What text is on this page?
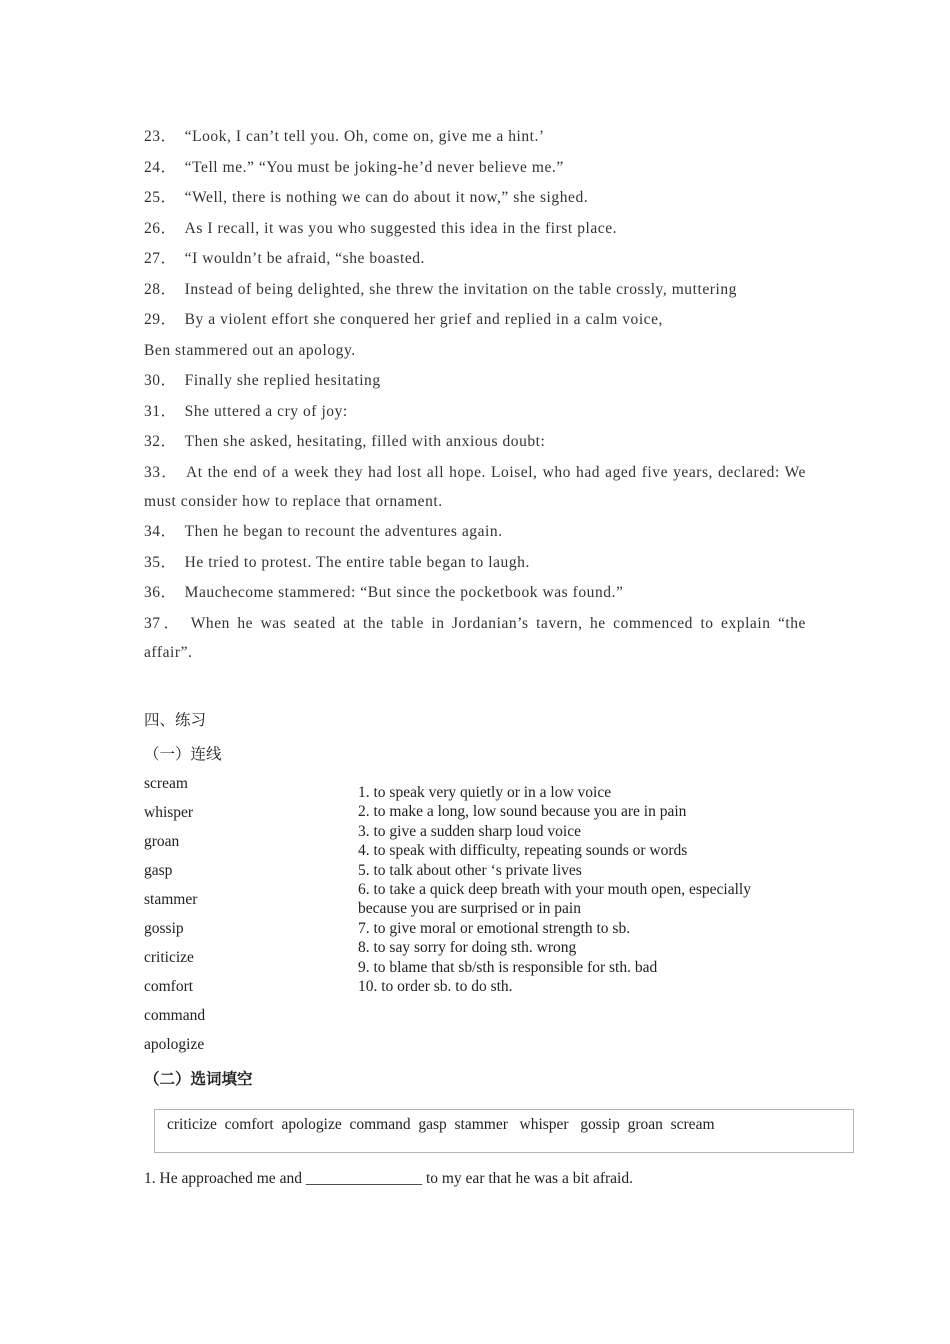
23． “Look, I can’t tell you. Oh, come on, give me a hint.’
24． “Tell me.” “You must be joking-he’d never believe me.”
25． “Well, there is nothing we can do about it now,” she sighed.
26． As I recall, it was you who suggested this idea in the first place.
27． “I wouldn’t be afraid, “she boasted.
28． Instead of being delighted, she threw the invitation on the table crossly, muttering
29． By a violent effort she conquered her grief and replied in a calm voice,
Ben stammered out an apology.
30． Finally she replied hesitating
31． She uttered a cry of joy:
32． Then she asked, hesitating, filled with anxious doubt:
33． At the end of a week they had lost all hope. Loisel, who had aged five years, declared: We must consider how to replace that ornament.
34． Then he began to recount the adventures again.
35． He tried to protest. The entire table began to laugh.
36． Mauchecome stammered: “But since the pocketbook was found.”
37． When he was seated at the table in Jordanian’s tavern, he commenced to explain “the affair”.
四、练习
（一）连线
scream
whisper
groan
gasp
stammer
gossip
criticize
comfort
command
apologize
1. to speak very quietly or in a low voice
2. to make a long, low sound because you are in pain
3. to give a sudden sharp loud voice
4. to speak with difficulty, repeating sounds or words
5. to talk about other ‘s private lives
6. to take a quick deep breath with your mouth open, especially
because you are surprised or in pain
7. to give moral or emotional strength to sb.
8. to say sorry for doing sth. wrong
9. to blame that sb/sth is responsible for sth. bad
10. to order sb. to do sth.
（二）选词填空
criticize  comfort  apologize  command  gasp  stammer   whisper   gossip  groan  scream
1. He approached me and _______________ to my ear that he was a bit afraid.
